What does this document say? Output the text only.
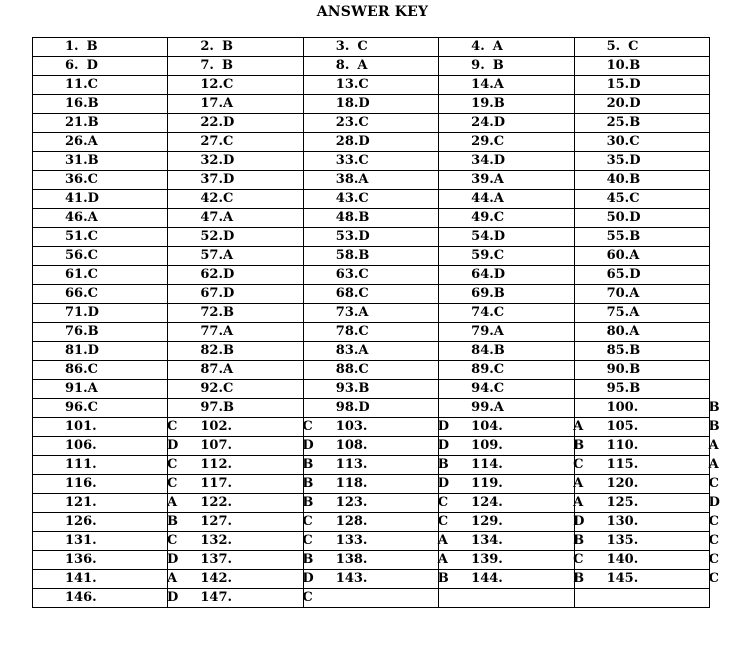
ANSWER KEY
1. B	2. B	3. C	4. A	5. C
6. D	7. B	8. A	9. B	10.B
11.C	12.C	13.C	14.A	15.D
16.B	17.A	18.D	19.B	20.D
21.B	22.D	23.C	24.D	25.B
26.A	27.C	28.D	29.C	30.C
31.B	32.D	33.C	34.D	35.D
36.C	37.D	38.A	39.A	40.B
41.D	42.C	43.C	44.A	45.C
46.A	47.A	48.B	49.C	50.D
51.C	52.D	53.D	54.D	55.B
56.C	57.A	58.B	59.C	60.A
61.C	62.D	63.C	64.D	65.D
66.C	67.D	68.C	69.B	70.A
71.D	72.B	73.A	74.C	75.A
76.B	77.A	78.C	79.A	80.A
81.D	82.B	83.A	84.B	85.B
86.C	87.A	88.C	89.C	90.B
91.A	92.C	93.B	94.C	95.B
96.C	97.B	98.D	99.A	100. B
101. C	102. C	103. D	104. A	105. B
106. D	107. D	108. D	109. B	110. A
111. C	112. B	113. B	114. C	115. A
116. C	117. B	118. D	119. A	120. C
121. A	122. B	123. C	124. A	125. D
126. B	127. C	128. C	129. D	130. C
131. C	132. C	133. A	134. B	135. C
136. D	137. B	138. A	139. C	140. C
141. A	142. D	143. B	144. B	145. C
146. D	147. C			
